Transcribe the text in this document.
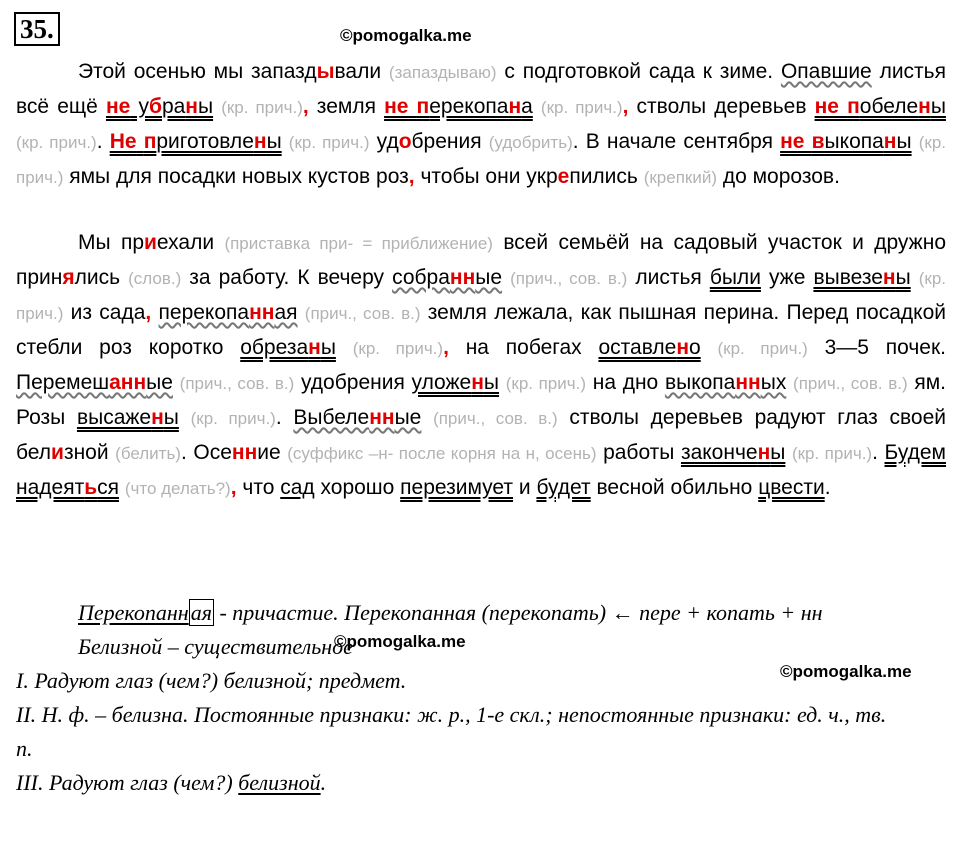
35.	©pomogalka.me
©pomogalka.me
©pomogalka.me

Этой осенью мы запаздывали (запаздываю) с подготовкой сада к зиме. Опавшие листья всё ещё не убраны (кр. прич.), земля не перекопана (кр. прич.), стволы деревьев не побелены (кр. прич.). Не приготовлены (кр. прич.) удобрения (удобрить). В начале сентября не выкопаны (кр. прич.) ямы для посадки новых кустов роз, чтобы они укрепились (крепкий) до морозов.

Мы приехали (приставка при- = приближение) всей семьёй на садовый участок и дружно принялись (слов.) за работу. К вечеру собранные (прич., сов. в.) листья были уже вывезены (кр. прич.) из сада, перекопанная (прич., сов. в.) земля лежала, как пышная перина. Перед посадкой стебли роз коротко обрезаны (кр. прич.), на побегах оставлено (кр. прич.) 3—5 почек. Перемешанные (прич., сов. в.) удобрения уложены (кр. прич.) на дно выкопанных (прич., сов. в.) ям. Розы высажены (кр. прич.). Выбеленные (прич., сов. в.) стволы деревьев радуют глаз своей белизной (белить). Осенние (суффикс –н- после корня на н, осень) работы закончeны (кр. прич.). Будем надеяться (что делать?), что сад хорошо перезимует и будет весной обильно цвести.

Перекопанная - причастие. Перекопанная (перекопать) ← пере + копать + нн
Белизной – существительное
I. Радуют глаз (чем?) белизной; предмет.
II. Н. ф. – белизна. Постоянные признаки: ж. р., 1-е скл.; непостоянные признаки: ед. ч., тв. п.
III. Радуют глаз (чем?) белизной.
